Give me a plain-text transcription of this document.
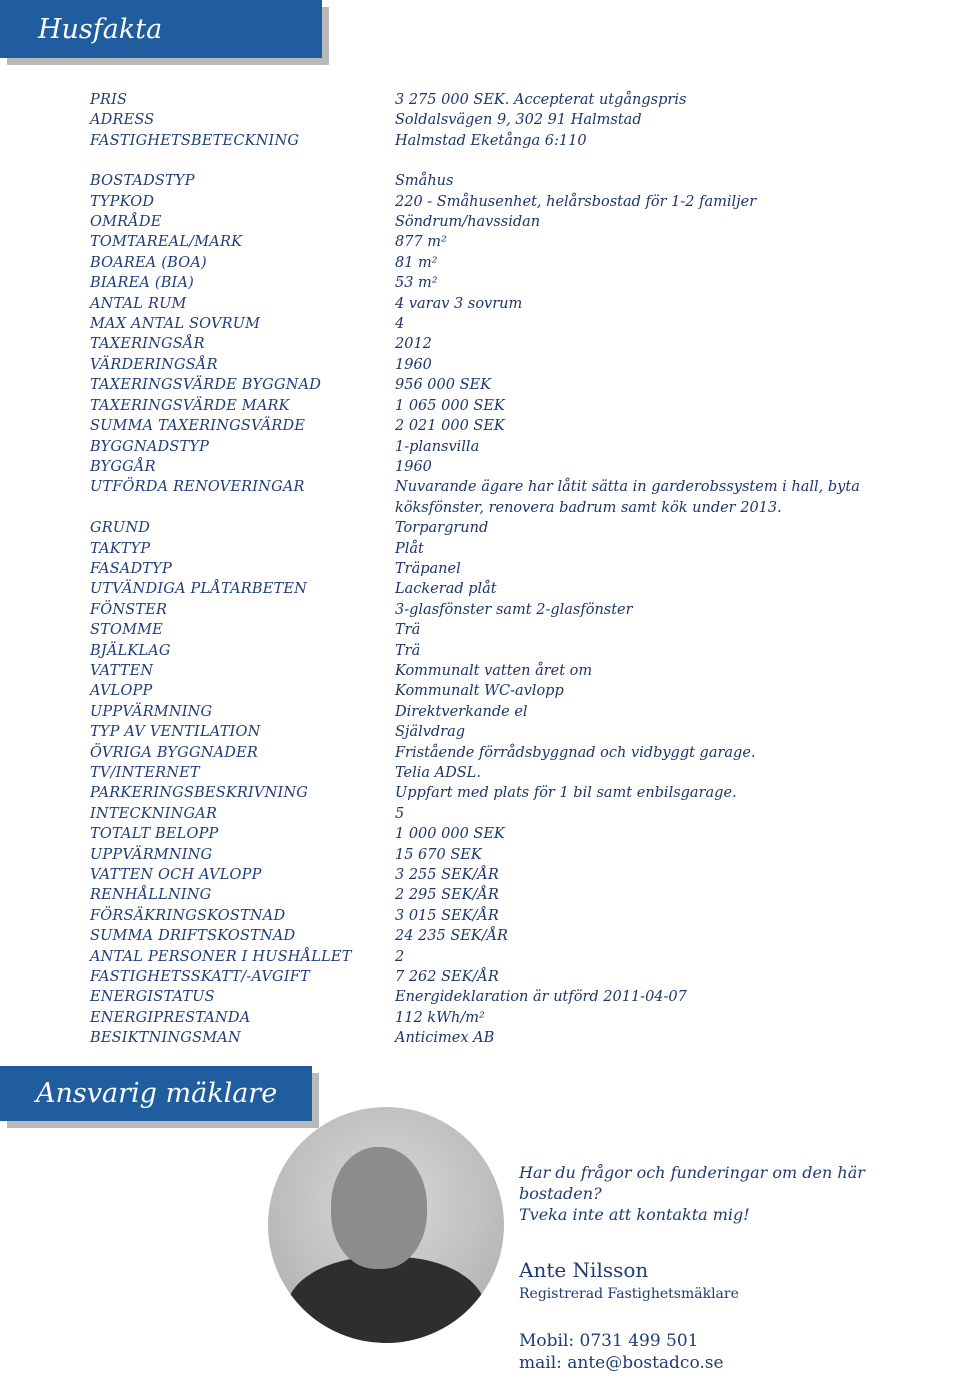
Husfakta
PRIS	3 275 000 SEK. Accepterat utgångspris
ADRESS	Soldalsvägen 9, 302 91 Halmstad
FASTIGHETSBETECKNING	Halmstad Eketånga 6:110
BOSTADSTYP	Småhus
TYPKOD	220 - Småhusenhet, helårsbostad för 1-2 familjer
OMRÅDE	Söndrum/havssidan
TOMTAREAL/MARK	877 m²
BOAREA (BOA)	81 m²
BIAREA (BIA)	53 m²
ANTAL RUM	4 varav 3 sovrum
MAX ANTAL SOVRUM	4
TAXERINGSÅR	2012
VÄRDERINGSÅR	1960
TAXERINGSVÄRDE BYGGNAD	956 000 SEK
TAXERINGSVÄRDE MARK	1 065 000 SEK
SUMMA TAXERINGSVÄRDE	2 021 000 SEK
BYGGNADSTYP	1-plansvilla
BYGGÅR	1960
UTFÖRDA RENOVERINGAR	Nuvarande ägare har låtit sätta in garderobssystem i hall, byta köksfönster, renovera badrum samt kök under 2013.
GRUND	Torpargrund
TAKTYP	Plåt
FASADTYP	Träpanel
UTVÄNDIGA PLÅTARBETEN	Lackerad plåt
FÖNSTER	3-glasfönster samt 2-glasfönster
STOMME	Trä
BJÄLKLAG	Trä
VATTEN	Kommunalt vatten året om
AVLOPP	Kommunalt WC-avlopp
UPPVÄRMNING	Direktverkande el
TYP AV VENTILATION	Självdrag
ÖVRIGA BYGGNADER	Fristående förrådsbyggnad och vidbyggt garage.
TV/INTERNET	Telia ADSL.
PARKERINGSBESKRIVNING	Uppfart med plats för 1 bil samt enbilsgarage.
INTECKNINGAR	5
TOTALT BELOPP	1 000 000 SEK
UPPVÄRMNING	15 670 SEK
VATTEN OCH AVLOPP	3 255 SEK/ÅR
RENHÅLLNING	2 295 SEK/ÅR
FÖRSÄKRINGSKOSTNAD	3 015 SEK/ÅR
SUMMA DRIFTSKOSTNAD	24 235 SEK/ÅR
ANTAL PERSONER I HUSHÅLLET	2
FASTIGHETSSKATT/-AVGIFT	7 262 SEK/ÅR
ENERGISTATUS	Energideklaration är utförd 2011-04-07
ENERGIPRESTANDA	112 kWh/m²
BESIKTNINGSMAN	Anticimex AB
Ansvarig mäklare
Har du frågor och funderingar om den här bostaden?
Tveka inte att kontakta mig!
Ante Nilsson
Registrerad Fastighetsmäklare
Mobil: 0731 499 501
mail: ante@bostadco.se
